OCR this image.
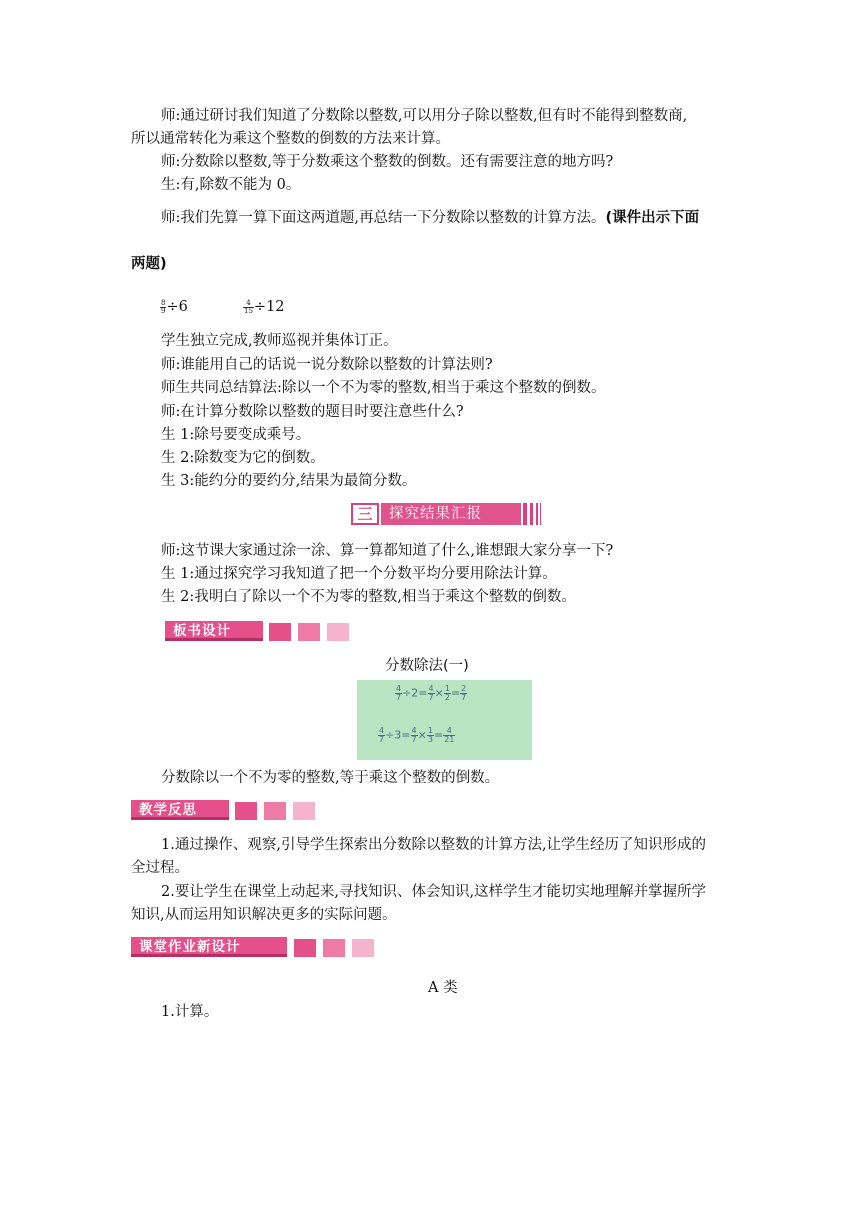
师:通过研讨我们知道了分数除以整数,可以用分子除以整数,但有时不能得到整数商,
所以通常转化为乘这个整数的倒数的方法来计算。
师:分数除以整数,等于分数乘这个整数的倒数。还有需要注意的地方吗?
生:有,除数不能为 0。
师:我们先算一算下面这两道题,再总结一下分数除以整数的计算方法。(课件出示下面
两题)
$\frac{8}{9} \div 6$	$\frac{4}{15} \div 12$
学生独立完成,教师巡视并集体订正。
师:谁能用自己的话说一说分数除以整数的计算法则?
师生共同总结算法:除以一个不为零的整数,相当于乘这个整数的倒数。
师:在计算分数除以整数的题目时要注意些什么?
生 1:除号要变成乘号。
生 2:除数变为它的倒数。
生 3:能约分的要约分,结果为最简分数。
三	探究结果汇报
师:这节课大家通过涂一涂、算一算都知道了什么,谁想跟大家分享一下?
生 1:通过探究学习我知道了把一个分数平均分要用除法计算。
生 2:我明白了除以一个不为零的整数,相当于乘这个整数的倒数。
板书设计
分数除法(一)
$\frac{4}{7} \div 2= \frac{4}{7} \times \frac{1}{2} = \frac{2}{7}$
$\frac{4}{7} \div 3= \frac{4}{7} \times \frac{1}{3} = \frac{4}{21}$
分数除以一个不为零的整数,等于乘这个整数的倒数。
教学反思
1.通过操作、观察,引导学生探索出分数除以整数的计算方法,让学生经历了知识形成的
全过程。
2.要让学生在课堂上动起来,寻找知识、体会知识,这样学生才能切实地理解并掌握所学
知识,从而运用知识解决更多的实际问题。
课堂作业新设计
A 类
1.计算。
